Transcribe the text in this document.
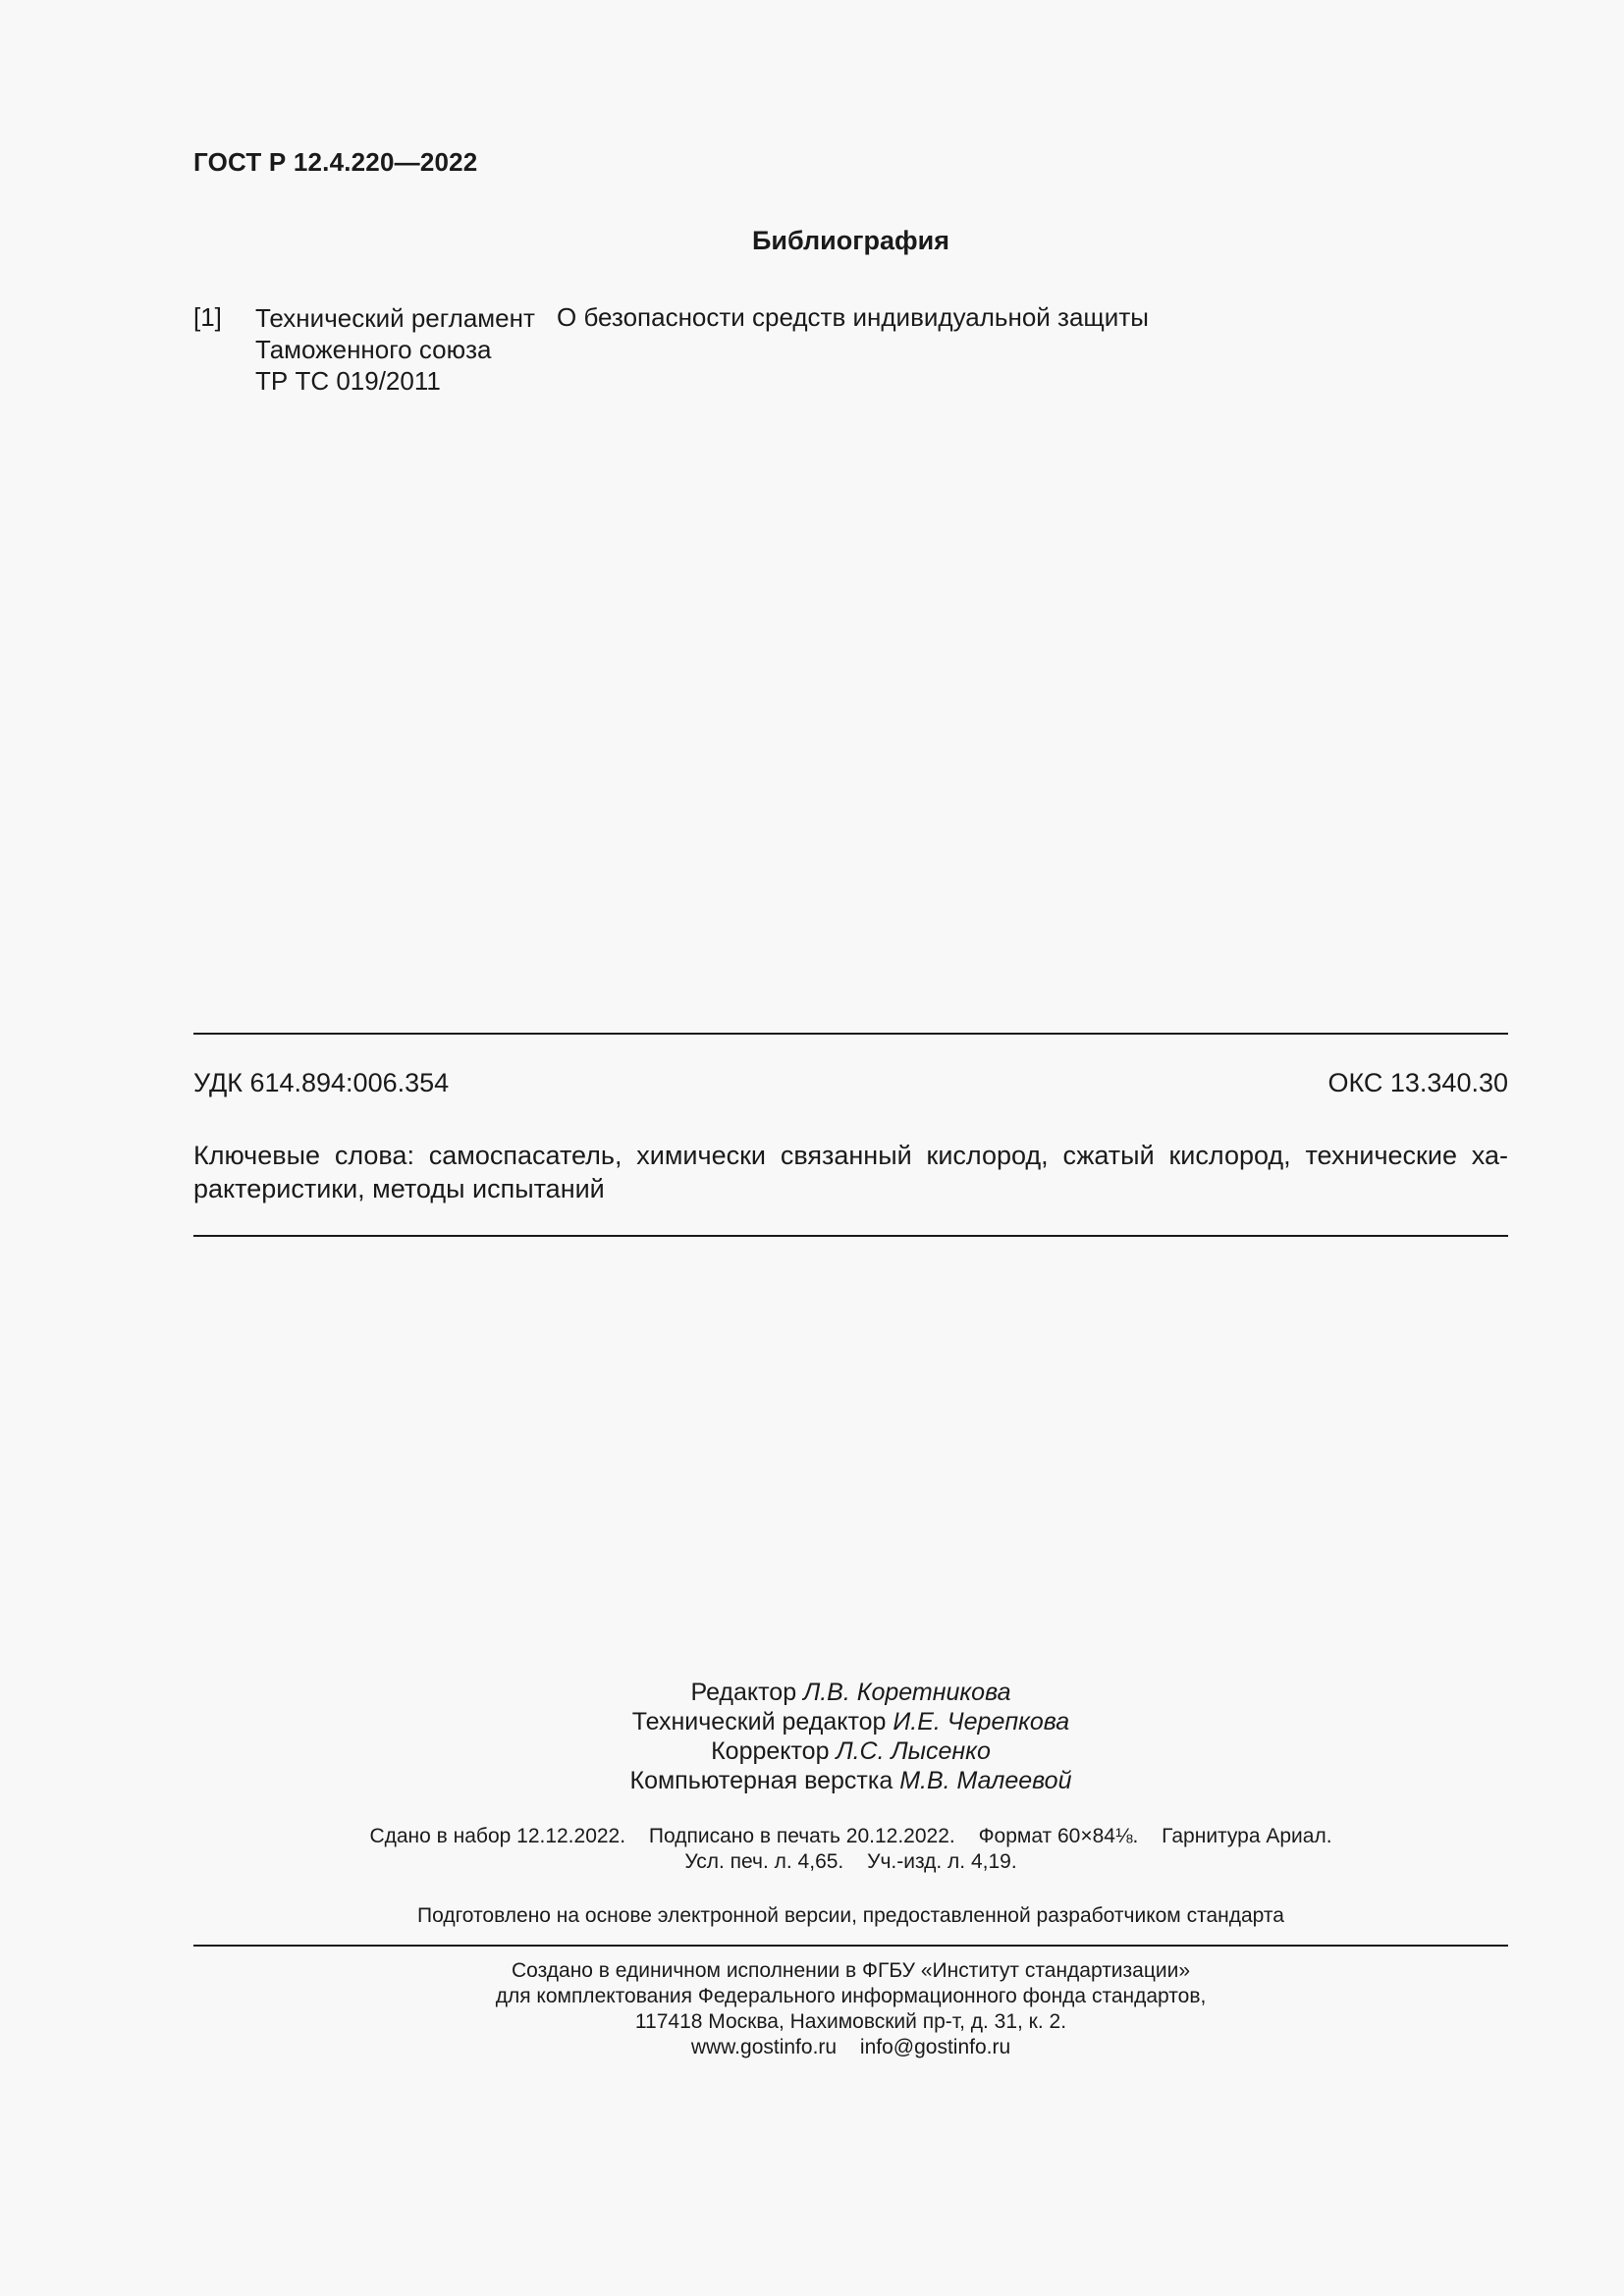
ГОСТ Р 12.4.220—2022
Библиография
[1] Технический регламент
Таможенного союза
ТР ТС 019/2011
О безопасности средств индивидуальной защиты
УДК 614.894:006.354	ОКС 13.340.30
Ключевые слова: самоспасатель, химически связанный кислород, сжатый кислород, технические ха-
рактеристики, методы испытаний
Редактор Л.В. Коретникова
Технический редактор И.Е. Черепкова
Корректор Л.С. Лысенко
Компьютерная верстка М.В. Малеевой
Сдано в набор 12.12.2022. Подписано в печать 20.12.2022. Формат 60×84⅛. Гарнитура Ариал.
Усл. печ. л. 4,65. Уч.-изд. л. 4,19.
Подготовлено на основе электронной версии, предоставленной разработчиком стандарта
Создано в единичном исполнении в ФГБУ «Институт стандартизации»
для комплектования Федерального информационного фонда стандартов,
117418 Москва, Нахимовский пр-т, д. 31, к. 2.
www.gostinfo.ru info@gostinfo.ru
